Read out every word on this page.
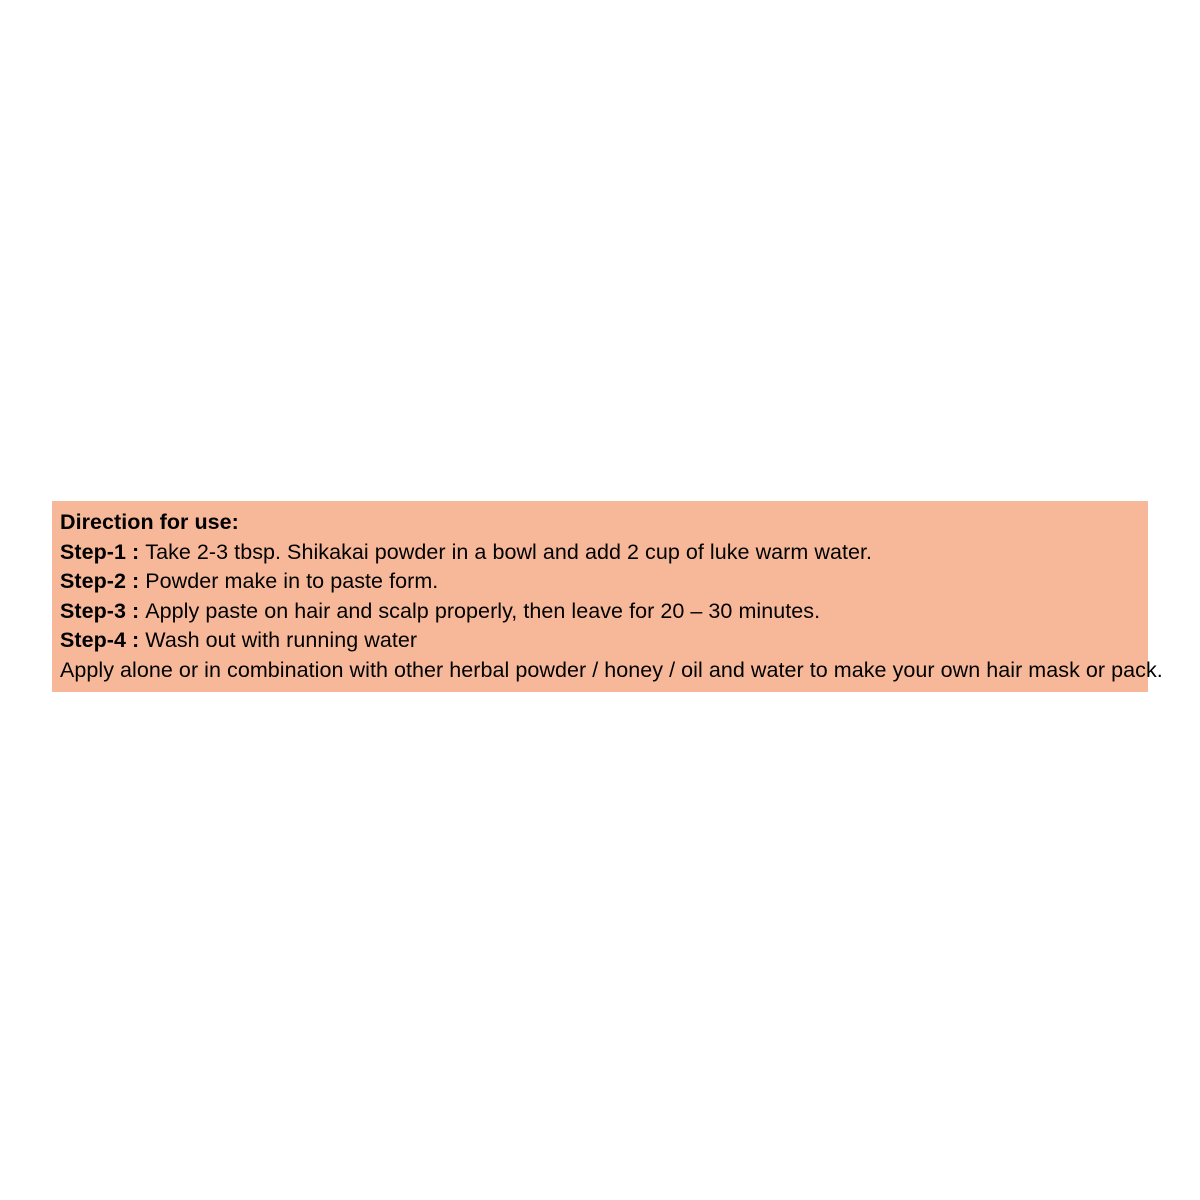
Direction for use:
Step-1 : Take 2-3 tbsp. Shikakai powder in a bowl and add 2 cup of luke warm water.
Step-2 : Powder make in to paste form.
Step-3 : Apply paste on hair and scalp properly, then leave for 20 – 30 minutes.
Step-4 : Wash out with running water
Apply alone or in combination with other herbal powder / honey / oil and water to make your own hair mask or pack.
